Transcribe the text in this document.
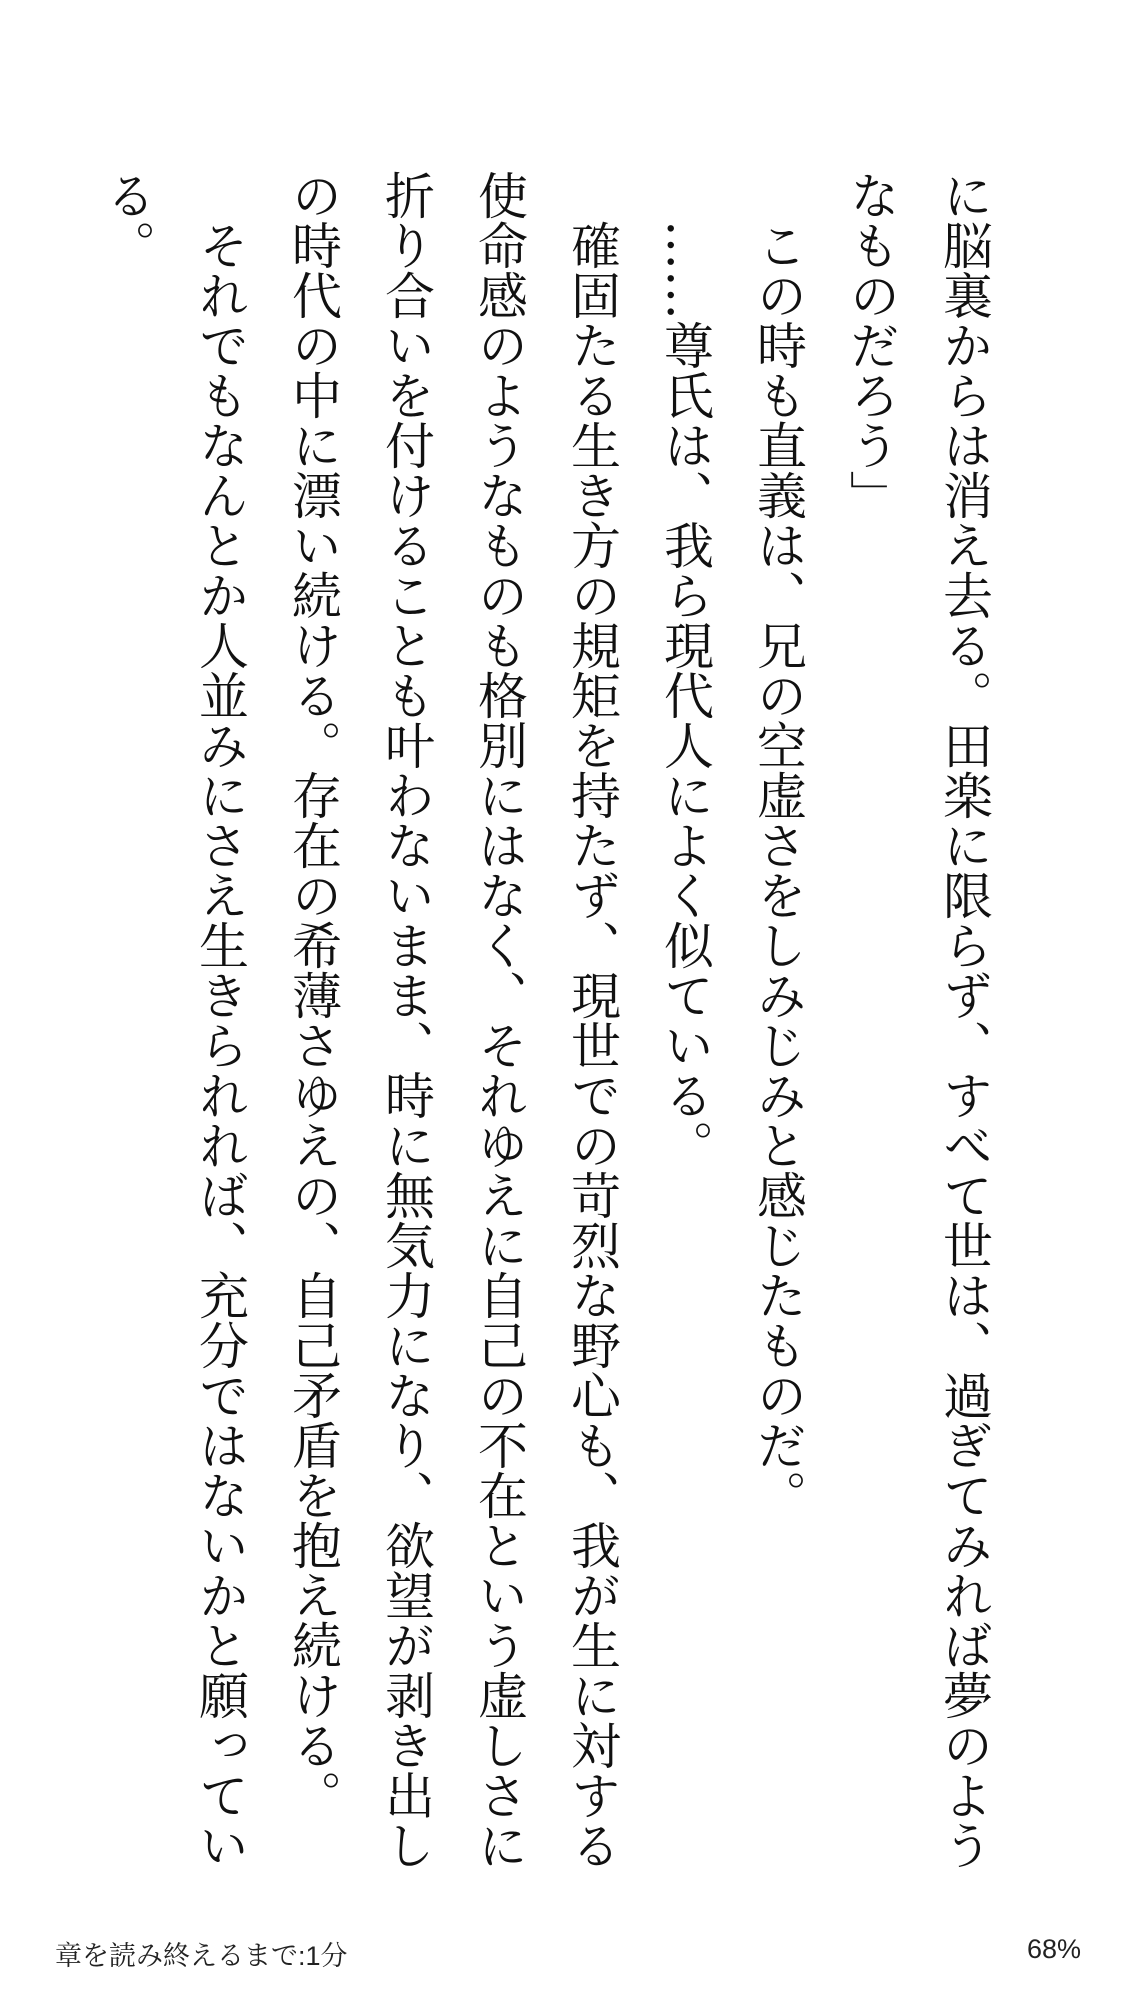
に脳裏からは消え去る。田楽に限らず、すべて世は、過ぎてみれば夢のようなものだろう」

この時も直義は、兄の空虚さをしみじみと感じたものだ。

……尊氏は、我ら現代人によく似ている。

確固たる生き方の規矩を持たず、現世での苛烈な野心も、我が生に対する使命感のようなものも格別にはなく、それゆえに自己の不在という虚しさに折り合いを付けることも叶わないまま、時に無気力になり、欲望が剥き出しの時代の中に漂い続ける。存在の希薄さゆえの、自己矛盾を抱え続ける。

それでもなんとか人並みにさえ生きられれば、充分ではないかと願っている。

章を読み終えるまで:1分	68%
